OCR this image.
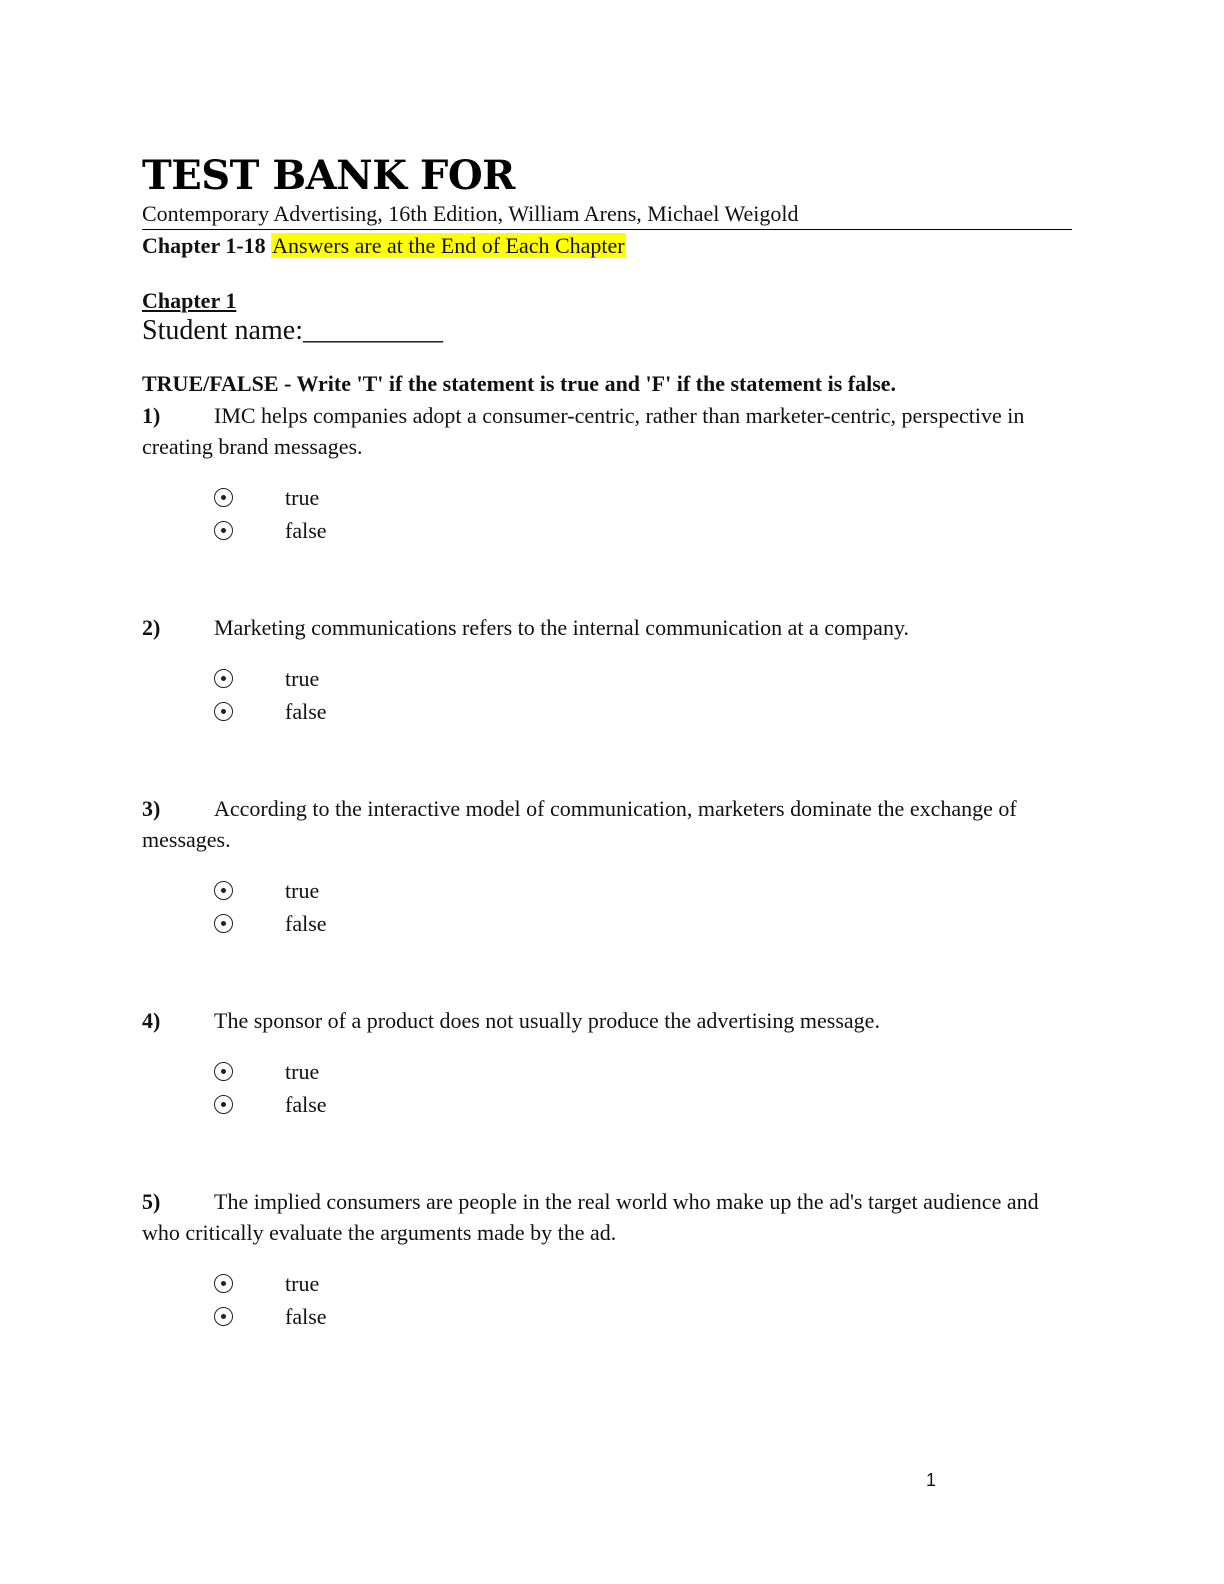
TEST BANK FOR
Contemporary Advertising, 16th Edition, William Arens, Michael Weigold
Chapter 1-18 Answers are at the End of Each Chapter
Chapter 1
Student name:__________
TRUE/FALSE - Write 'T' if the statement is true and 'F' if the statement is false.
1) IMC helps companies adopt a consumer-centric, rather than marketer-centric, perspective in creating brand messages.
true
false
2) Marketing communications refers to the internal communication at a company.
true
false
3) According to the interactive model of communication, marketers dominate the exchange of messages.
true
false
4) The sponsor of a product does not usually produce the advertising message.
true
false
5) The implied consumers are people in the real world who make up the ad's target audience and who critically evaluate the arguments made by the ad.
true
false
1
